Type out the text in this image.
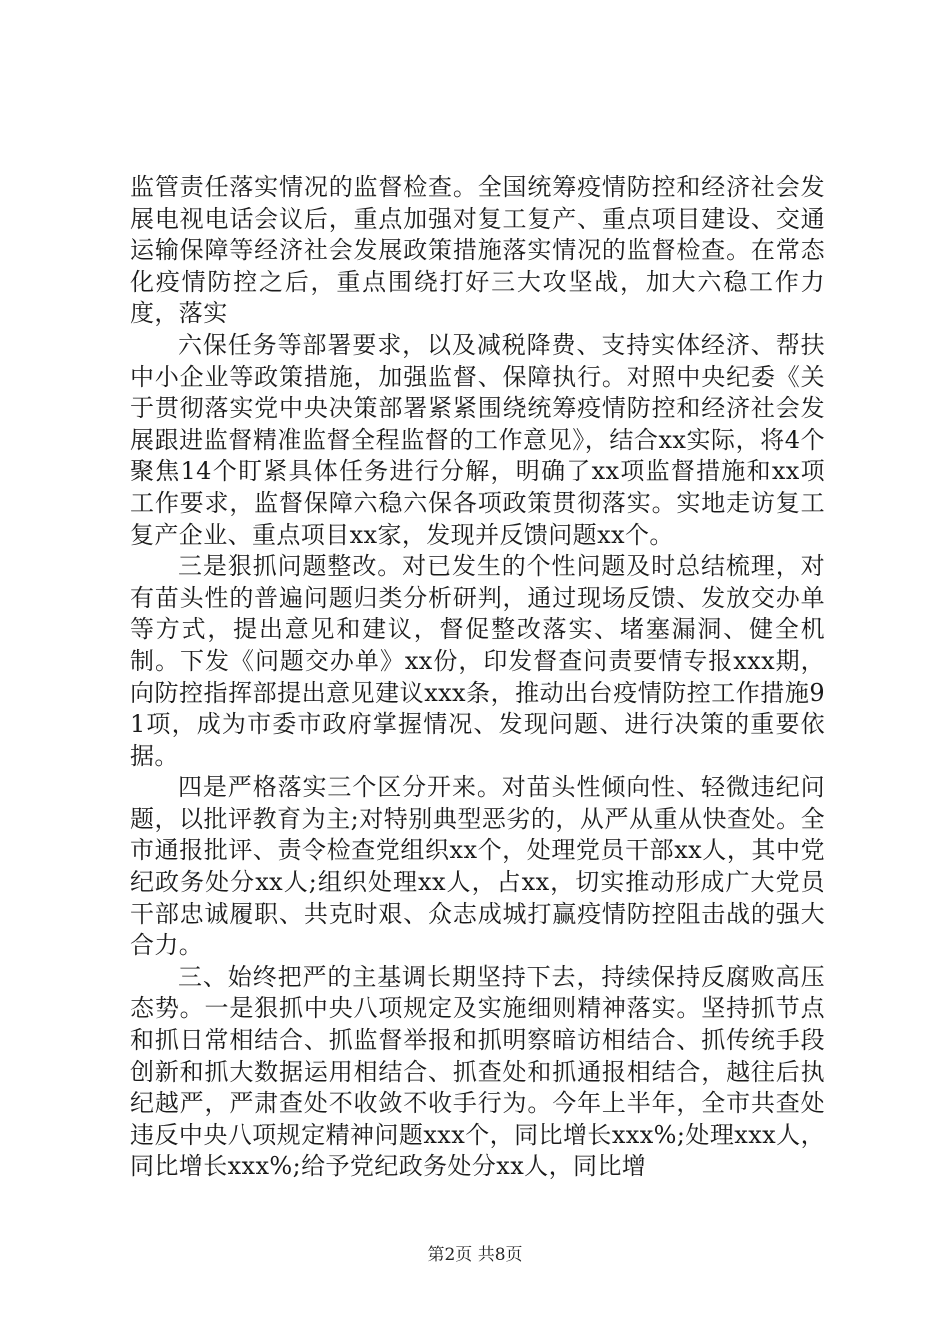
监管责任落实情况的监督检查。全国统筹疫情防控和经济社会发展电视电话会议后，重点加强对复工复产、重点项目建设、交通运输保障等经济社会发展政策措施落实情况的监督检查。在常态化疫情防控之后，重点围绕打好三大攻坚战，加大六稳工作力度，落实

六保任务等部署要求，以及减税降费、支持实体经济、帮扶中小企业等政策措施，加强监督、保障执行。对照中央纪委《关于贯彻落实党中央决策部署紧紧围绕统筹疫情防控和经济社会发展跟进监督精准监督全程监督的工作意见》，结合xx实际，将4个聚焦14个盯紧具体任务进行分解，明确了xx项监督措施和xx项工作要求，监督保障六稳六保各项政策贯彻落实。实地走访复工复产企业、重点项目xx家，发现并反馈问题xx个。

三是狠抓问题整改。对已发生的个性问题及时总结梳理，对有苗头性的普遍问题归类分析研判，通过现场反馈、发放交办单等方式，提出意见和建议，督促整改落实、堵塞漏洞、健全机制。下发《问题交办单》xx份，印发督查问责要情专报xxx期，向防控指挥部提出意见建议xxx条，推动出台疫情防控工作措施91项，成为市委市政府掌握情况、发现问题、进行决策的重要依据。

四是严格落实三个区分开来。对苗头性倾向性、轻微违纪问题，以批评教育为主;对特别典型恶劣的，从严从重从快查处。全市通报批评、责令检查党组织xx个，处理党员干部xx人，其中党纪政务处分xx人;组织处理xx人，占xx，切实推动形成广大党员干部忠诚履职、共克时艰、众志成城打赢疫情防控阻击战的强大合力。

三、始终把严的主基调长期坚持下去，持续保持反腐败高压态势。一是狠抓中央八项规定及实施细则精神落实。坚持抓节点和抓日常相结合、抓监督举报和抓明察暗访相结合、抓传统手段创新和抓大数据运用相结合、抓查处和抓通报相结合，越往后执纪越严，严肃查处不收敛不收手行为。今年上半年，全市共查处违反中央八项规定精神问题xxx个，同比增长xxx%;处理xxx人，同比增长xxx%;给予党纪政务处分xx人，同比增

第2页 共8页
